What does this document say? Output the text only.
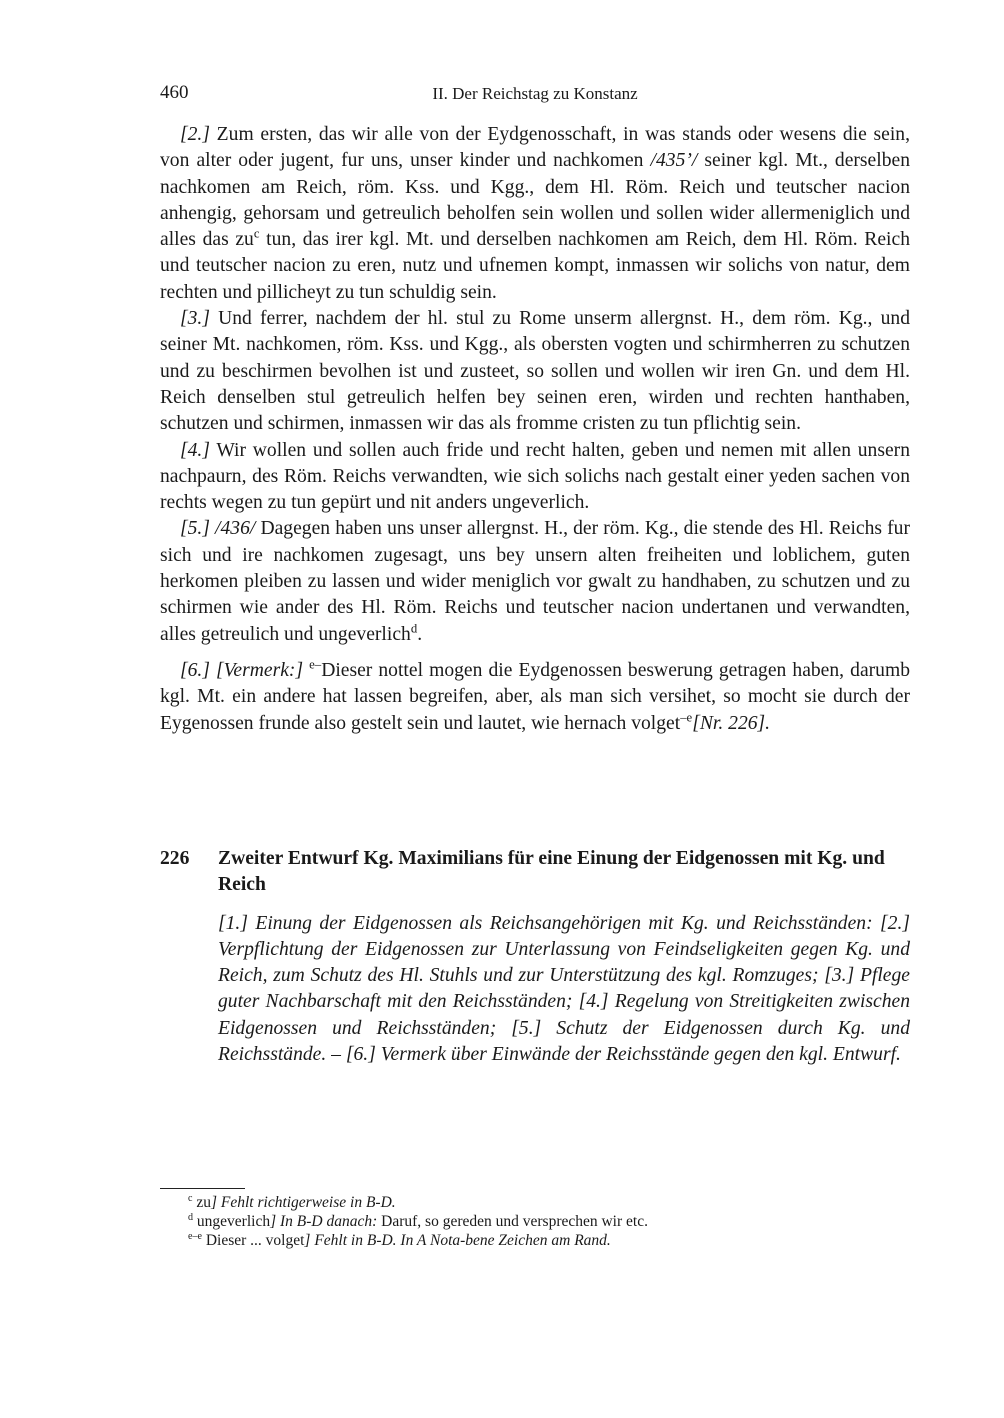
460	II. Der Reichstag zu Konstanz

[2.] Zum ersten, das wir alle von der Eydgenosschaft, in was stands oder wesens die sein, von alter oder jugent, fur uns, unser kinder und nachkomen /435’/ seiner kgl. Mt., derselben nachkomen am Reich, röm. Kss. und Kgg., dem Hl. Röm. Reich und teutscher nacion anhengig, gehorsam und getreulich beholfen sein wollen und sollen wider allermeniglich und alles das $zu^c$ tun, das irer kgl. Mt. und derselben nachkomen am Reich, dem Hl. Röm. Reich und teutscher nacion zu eren, nutz und ufnemen kompt, inmassen wir solichs von natur, dem rechten und pillicheyt zu tun schuldig sein.

[3.] Und ferrer, nachdem der hl. stul zu Rome unserm allergnst. H., dem röm. Kg., und seiner Mt. nachkomen, röm. Kss. und Kgg., als obersten vogten und schirmherren zu schutzen und zu beschirmen bevolhen ist und zusteet, so sollen und wollen wir iren Gn. und dem Hl. Reich denselben stul getreulich helfen bey seinen eren, wirden und rechten hanthaben, schutzen und schirmen, inmassen wir das als fromme cristen zu tun pflichtig sein.

[4.] Wir wollen und sollen auch fride und recht halten, geben und nemen mit allen unsern nachpaurn, des Röm. Reichs verwandten, wie sich solichs nach gestalt einer yeden sachen von rechts wegen zu tun gepürt und nit anders ungeverlich.

[5.] /436/ Dagegen haben uns unser allergnst. H., der röm. Kg., die stende des Hl. Reichs fur sich und ire nachkomen zugesagt, uns bey unsern alten freiheiten und loblichem, guten herkomen pleiben zu lassen und wider meniglich vor gwalt zu handhaben, zu schutzen und zu schirmen wie ander des Hl. Röm. Reichs und teutscher nacion undertanen und verwandten, alles getreulich und ungeverlich$^d$.

[6.] [Vermerk:] $^{e-}$Dieser nottel mogen die Eydgenossen beswerung getragen haben, darumb kgl. Mt. ein andere hat lassen begreifen, aber, als man sich versihet, so mocht sie durch der Eygenossen frunde also gestelt sein und lautet, wie hernach volget$^{-e}$[Nr. 226].

226 Zweiter Entwurf Kg. Maximilians für eine Einung der Eidgenossen mit Kg. und Reich
[1.] Einung der Eidgenossen als Reichsangehörigen mit Kg. und Reichsständen: [2.] Verpflichtung der Eidgenossen zur Unterlassung von Feindseligkeiten gegen Kg. und Reich, zum Schutz des Hl. Stuhls und zur Unterstützung des kgl. Romzuges; [3.] Pflege guter Nachbarschaft mit den Reichsständen; [4.] Regelung von Streitigkeiten zwischen Eidgenossen und Reichsständen; [5.] Schutz der Eidgenossen durch Kg. und Reichsstände. – [6.] Vermerk über Einwände der Reichsstände gegen den kgl. Entwurf.
$^c$ zu] Fehlt richtigerweise in B-D.
$^d$ ungeverlich] In B-D danach: Daruf, so gereden und versprechen wir etc.
$^{e-e}$ Dieser ... volget] Fehlt in B-D. In A Nota-bene Zeichen am Rand.
